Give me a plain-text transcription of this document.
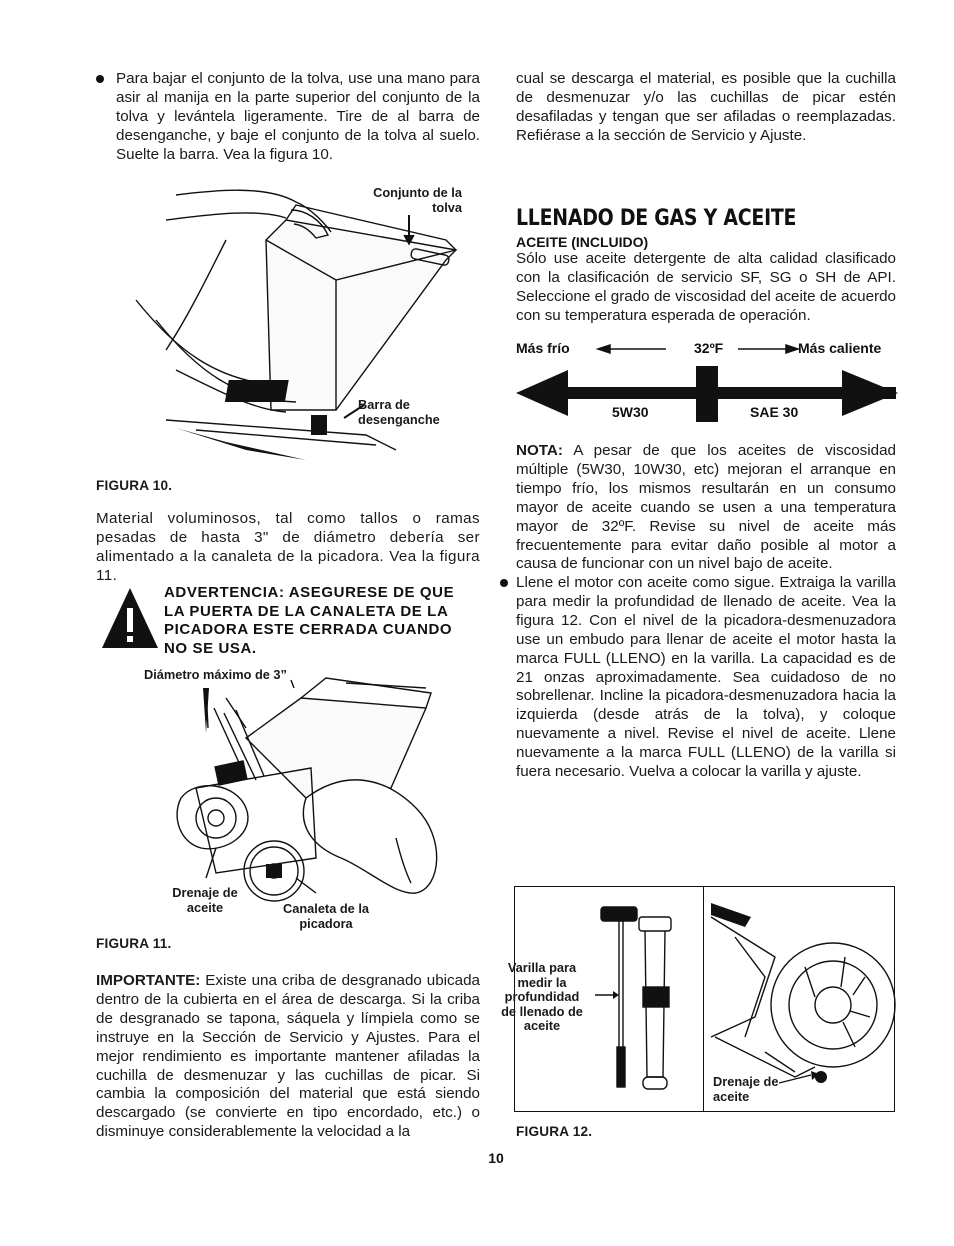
Para bajar el conjunto de la tolva, use una mano para asir al manija en la parte superior del conjunto de la tolva y levántela ligeramente. Tire de al barra de desenganche, y baje el conjunto de la tolva al suelo. Suelte la barra. Vea la figura 10.
Conjunto de la tolva
Barra de desenganche
FIGURA 10.
Material voluminosos, tal como tallos o ramas pesadas de hasta 3" de diámetro debería ser alimentado a la canaleta de la picadora. Vea la figura 11.
ADVERTENCIA: ASEGURESE DE QUE LA PUERTA DE LA CANALETA DE LA PICADORA ESTE CERRADA CUANDO NO SE USA.
Diámetro máximo de 3”
Drenaje de aceite	Canaleta de la picadora
FIGURA 11.
IMPORTANTE: Existe una criba de desgranado ubicada dentro de la cubierta en el área de descarga. Si la criba de desgranado se tapona, sáquela y límpiela como se instruye en la Sección de Servicio y Ajustes. Para el mejor rendimiento es importante mantener afiladas la cuchilla de desmenuzar y las cuchillas de picar. Si cambia la composición del material que está siendo descargado (se convierte en tipo encordado, etc.) o disminuye considerablemente la velocidad a la
cual se descarga el material, es posible que la cuchilla de desmenuzar y/o las cuchillas de picar estén desafiladas y tengan que ser afiladas o reemplazadas. Refiérase a la sección de Servicio y Ajuste.
LLENADO DE GAS Y ACEITE
ACEITE (INCLUIDO)
Sólo use aceite detergente de alta calidad clasificado con la clasificación de servicio SF, SG o SH de API. Seleccione el grado de viscosidad del aceite de acuerdo con su temperatura esperada de operación.
Más frío	32ºF	Más caliente
5W30	SAE 30
NOTA: A pesar de que los aceites de viscosidad múltiple (5W30, 10W30, etc) mejoran el arranque en tiempo frío, los mismos resultarán en un consumo mayor de aceite cuando se usen a una temperatura mayor de 32ºF. Revise su nivel de aceite más frecuentemente para evitar daño posible al motor a causa de funcionar con un nivel bajo de aceite.
Llene el motor con aceite como sigue. Extraiga la varilla para medir la profundidad de llenado de aceite. Vea la figura 12. Con el nivel de la picadora-desmenuzadora use un embudo para llenar de aceite el motor hasta la marca FULL (LLENO) en la varilla. La capacidad es de 21 onzas aproximadamente. Sea cuidadoso de no sobrellenar. Incline la picadora-desmenuzadora hacia la izquierda (desde atrás de la tolva), y coloque nuevamente a nivel. Revise el nivel de aceite. Llene nuevamente a la marca FULL (LLENO) de la varilla si fuera necesario. Vuelva a colocar la varilla y ajuste.
Varilla para medir la profundidad de llenado de aceite
Drenaje de aceite
FIGURA 12.
10
